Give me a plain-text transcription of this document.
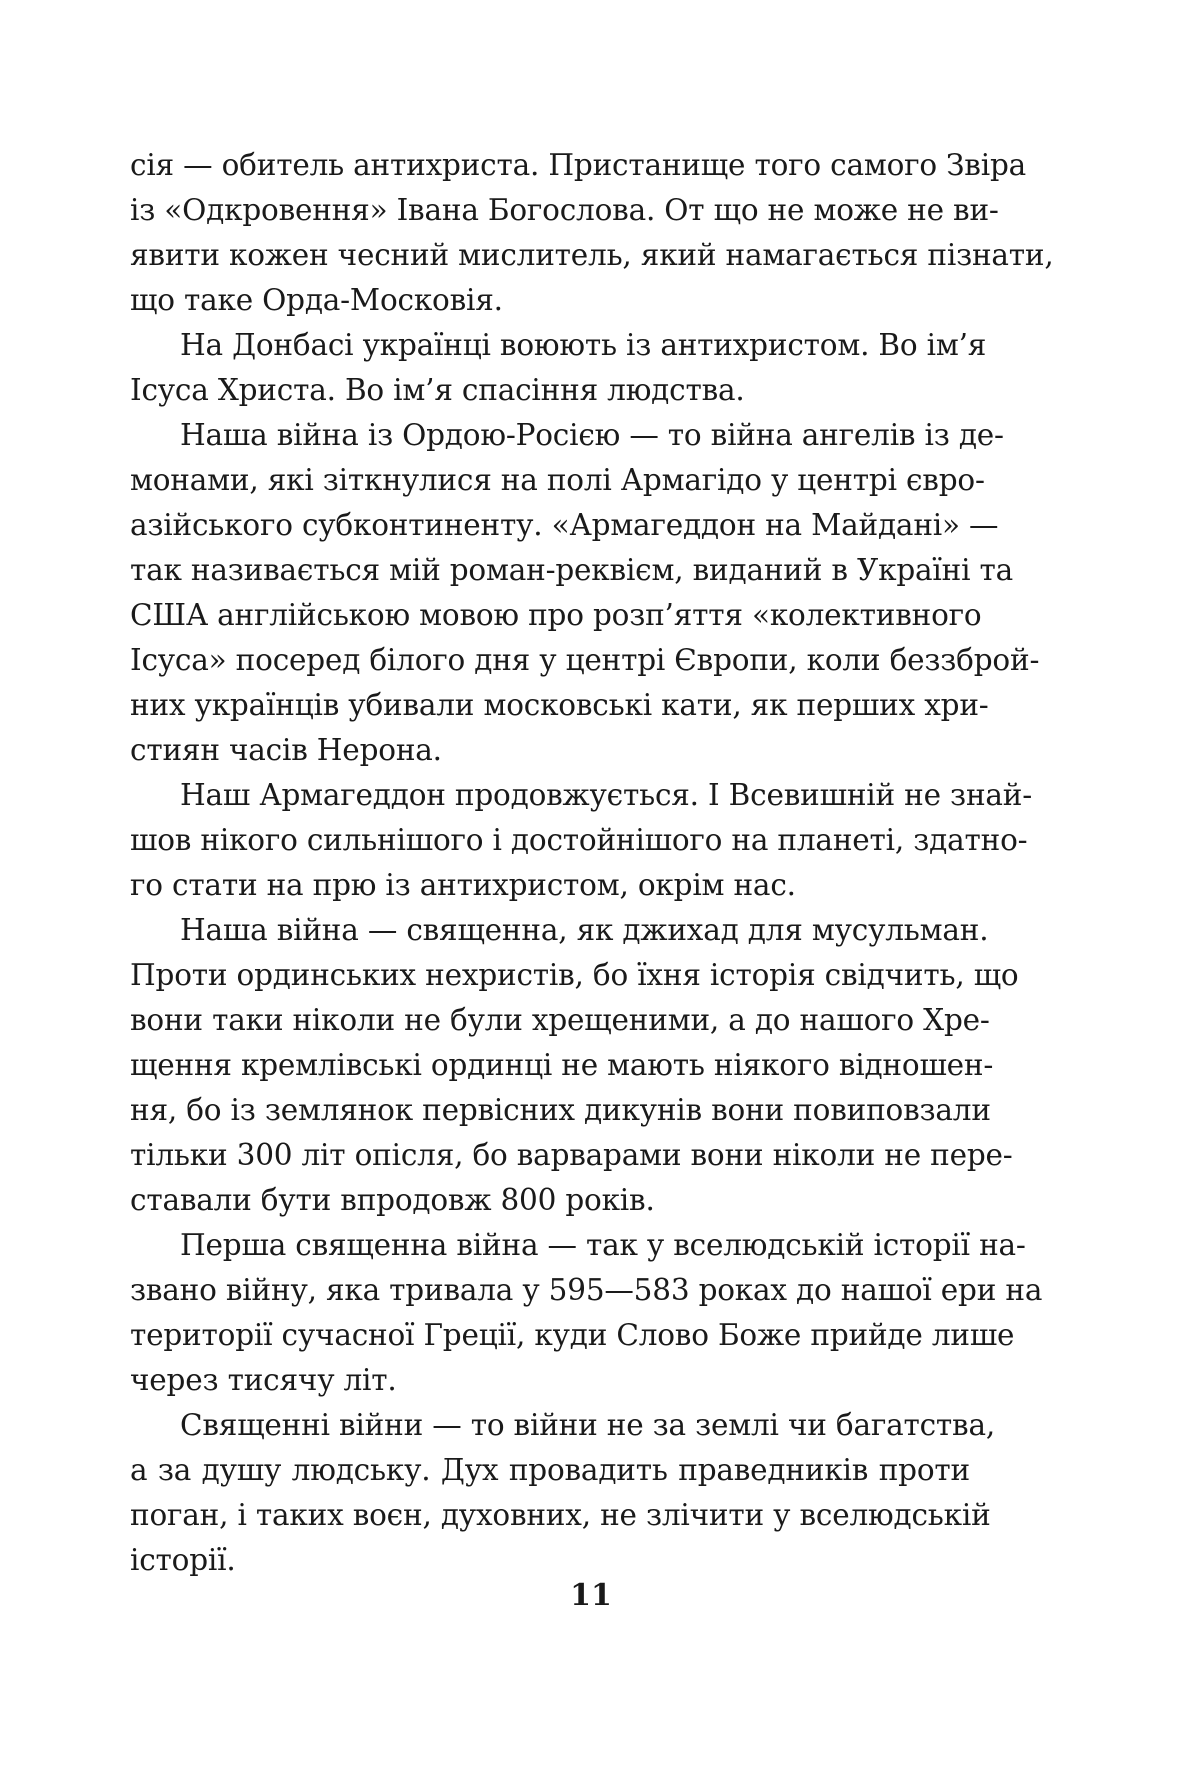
сія — обитель антихриста. Пристанище того самого Звіра
із «Одкровення» Івана Богослова. От що не може не ви-
явити кожен чесний мислитель, який намагається пізнати,
що таке Орда-Московія.
На Донбасі українці воюють із антихристом. Во ім’я
Ісуса Христа. Во ім’я спасіння людства.
Наша війна із Ордою-Росією — то війна ангелів із де-
монами, які зіткнулися на полі Армагідо у центрі євро-
азійського субконтиненту. «Армагеддон на Майдані» —
так називається мій роман-реквієм, виданий в Україні та
США англійською мовою про розп’яття «колективного
Ісуса» посеред білого дня у центрі Європи, коли беззброй-
них українців убивали московські кати, як перших хри-
стиян часів Нерона.
Наш Армагеддон продовжується. І Всевишній не знай-
шов нікого сильнішого і достойнішого на планеті, здатно-
го стати на прю із антихристом, окрім нас.
Наша війна — священна, як джихад для мусульман.
Проти ординських нехристів, бо їхня історія свідчить, що
вони таки ніколи не були хрещеними, а до нашого Хре-
щення кремлівські ординці не мають ніякого відношен-
ня, бо із землянок первісних дикунів вони повиповзали
тільки 300 літ опісля, бо варварами вони ніколи не пере-
ставали бути впродовж 800 років.
Перша священна війна — так у вселюдській історії на-
звано війну, яка тривала у 595—583 роках до нашої ери на
території сучасної Греції, куди Слово Боже прийде лише
через тисячу літ.
Священні війни — то війни не за землі чи багатства,
а за душу людську. Дух провадить праведників проти
поган, і таких воєн, духовних, не злічити у вселюдській
історії.
11
